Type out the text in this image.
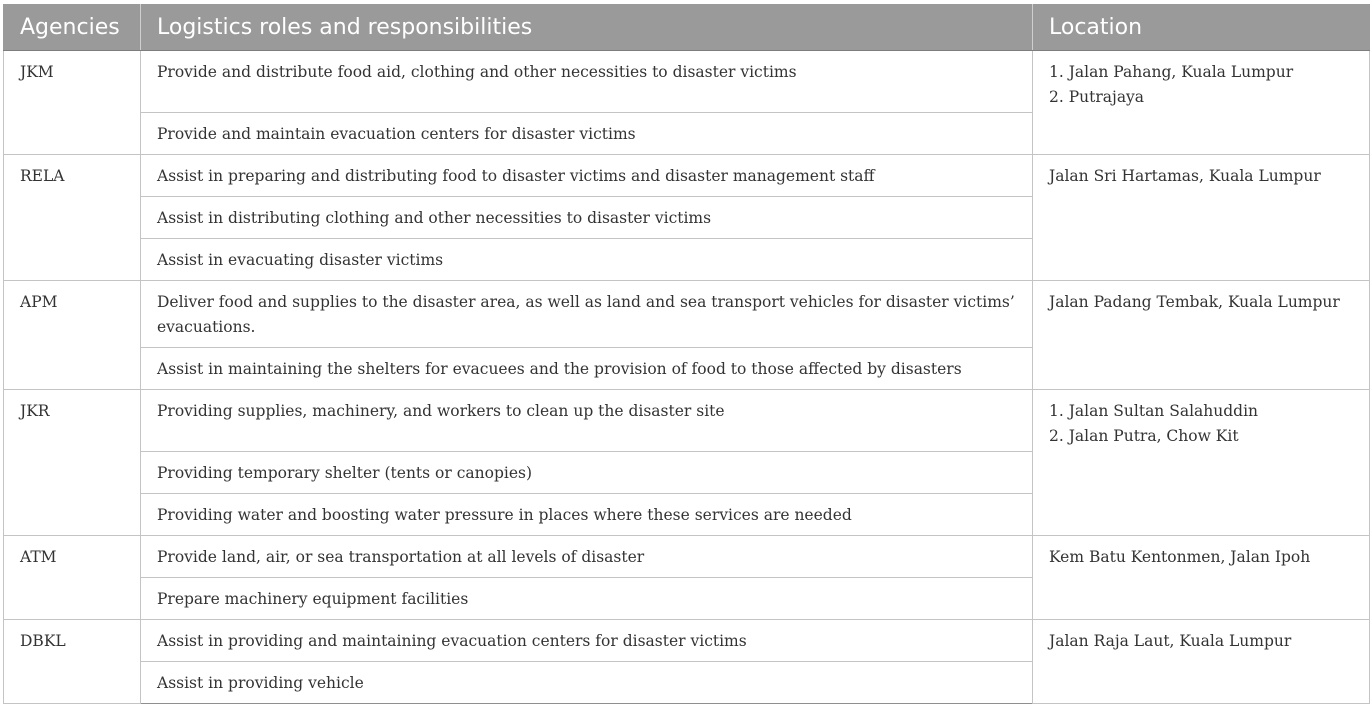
Agencies	Logistics roles and responsibilities	Location
JKM	Provide and distribute food aid, clothing and other necessities to disaster victims	1. Jalan Pahang, Kuala Lumpur
2. Putrajaya

	Provide and maintain evacuation centers for disaster victims	
RELA	Assist in preparing and distributing food to disaster victims and disaster management staff	Jalan Sri Hartamas, Kuala Lumpur

	Assist in distributing clothing and other necessities to disaster victims	
	Assist in evacuating disaster victims	
APM	Deliver food and supplies to the disaster area, as well as land and sea transport vehicles for disaster victims’ evacuations.	Jalan Padang Tembak, Kuala Lumpur

	Assist in maintaining the shelters for evacuees and the provision of food to those affected by disasters	
JKR	Providing supplies, machinery, and workers to clean up the disaster site	1. Jalan Sultan Salahuddin
2. Jalan Putra, Chow Kit

	Providing temporary shelter (tents or canopies)	
	Providing water and boosting water pressure in places where these services are needed	
ATM	Provide land, air, or sea transportation at all levels of disaster	Kem Batu Kentonmen, Jalan Ipoh

	Prepare machinery equipment facilities	
DBKL	Assist in providing and maintaining evacuation centers for disaster victims	Jalan Raja Laut, Kuala Lumpur

	Assist in providing vehicle	
